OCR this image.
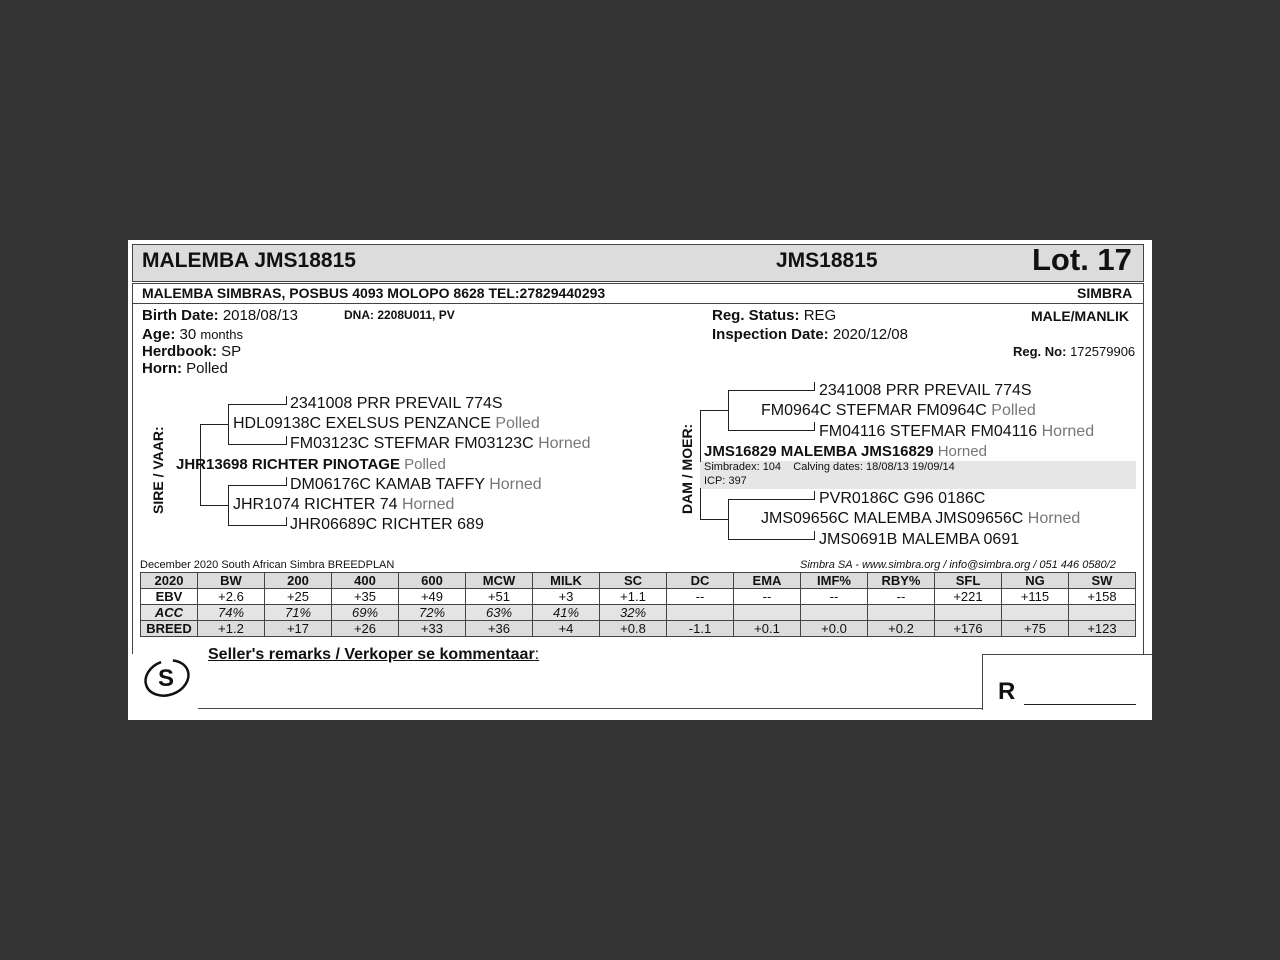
MALEMBA JMS18815	JMS18815	Lot. 17
MALEMBA SIMBRAS, POSBUS 4093 MOLOPO 8628 TEL:27829440293	SIMBRA
Birth Date: 2018/08/13	DNA: 2208U011, PV
Age: 30 months
Herdbook: SP
Horn: Polled
Reg. Status: REG
Inspection Date: 2020/12/08
MALE/MANLIK
Reg. No: 172579906
SIRE / VAAR:
2341008 PRR PREVAIL 774S
HDL09138C EXELSUS PENZANCE Polled
FM03123C STEFMAR FM03123C Horned
JHR13698 RICHTER PINOTAGE Polled
DM06176C KAMAB TAFFY Horned
JHR1074 RICHTER 74 Horned
JHR06689C RICHTER 689
DAM / MOER:
2341008 PRR PREVAIL 774S
FM0964C STEFMAR FM0964C Polled
FM04116 STEFMAR FM04116 Horned
JMS16829 MALEMBA JMS16829 Horned
Simbradex: 104 Calving dates: 18/08/13 19/09/14
ICP: 397
PVR0186C G96 0186C
JMS09656C MALEMBA JMS09656C Horned
JMS0691B MALEMBA 0691
December 2020 South African Simbra BREEDPLAN	Simbra SA - www.simbra.org / info@simbra.org / 051 446 0580/2
2020	BW	200	400	600	MCW	MILK	SC	DC	EMA	IMF%	RBY%	SFL	NG	SW
EBV	+2.6	+25	+35	+49	+51	+3	+1.1	--	--	--	--	+221	+115	+158
ACC	74%	71%	69%	72%	63%	41%	32%							
BREED	+1.2	+17	+26	+33	+36	+4	+0.8	-1.1	+0.1	+0.0	+0.2	+176	+75	+123
S
Seller's remarks / Verkoper se kommentaar:
R
